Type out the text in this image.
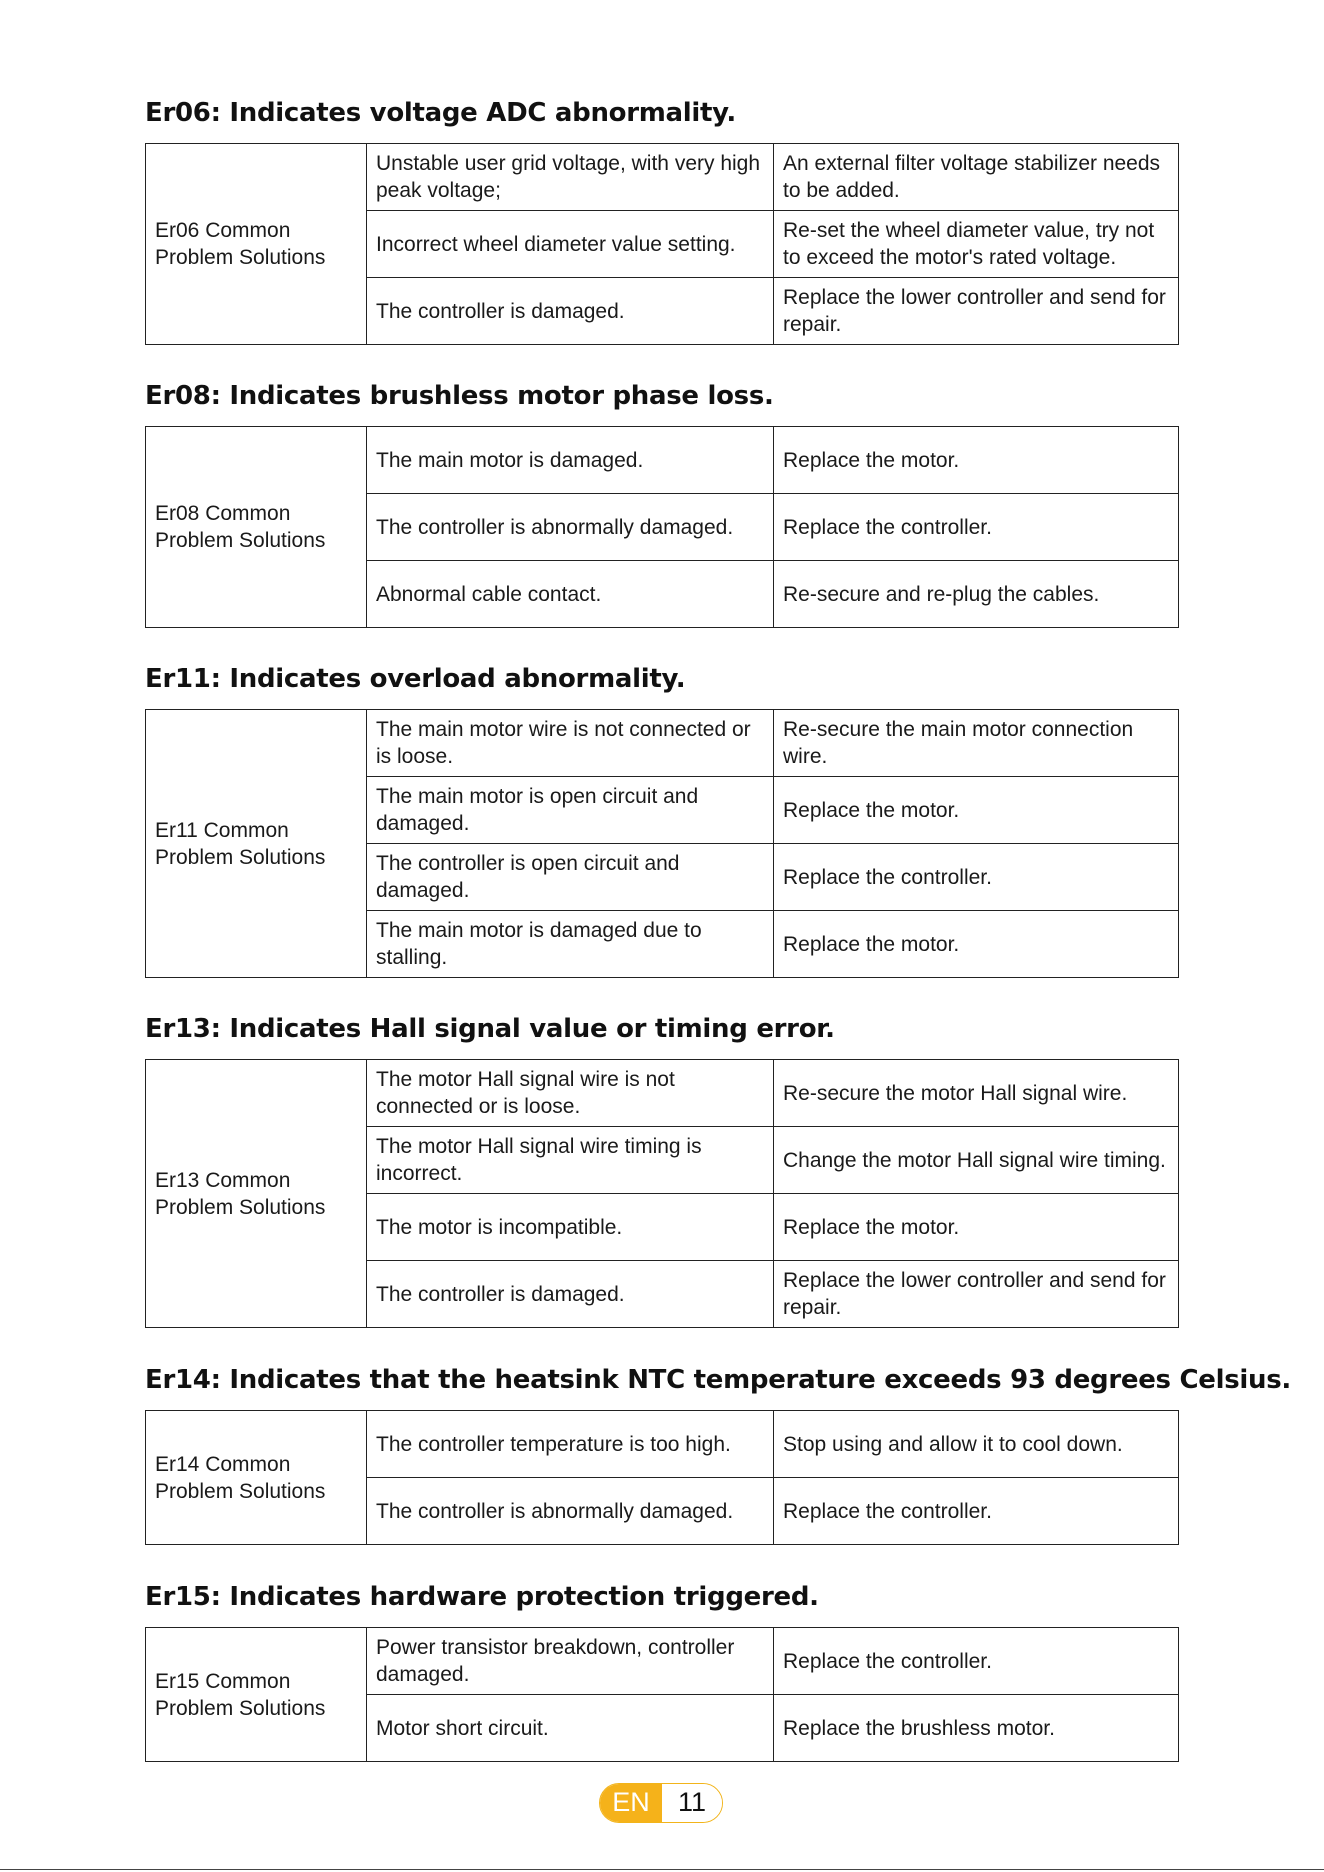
Er06: Indicates voltage ADC abnormality.
Er06 Common Problem Solutions	Unstable user grid voltage, with very high peak voltage;	An external filter voltage stabilizer needs to be added.
	Incorrect wheel diameter value setting.	Re-set the wheel diameter value, try not to exceed the motor's rated voltage.
	The controller is damaged.	Replace the lower controller and send for repair.
Er08: Indicates brushless motor phase loss.
Er08 Common Problem Solutions	The main motor is damaged.	Replace the motor.
	The controller is abnormally damaged.	Replace the controller.
	Abnormal cable contact.	Re-secure and re-plug the cables.
Er11: Indicates overload abnormality.
Er11 Common Problem Solutions	The main motor wire is not connected or is loose.	Re-secure the main motor connection wire.
	The main motor is open circuit and damaged.	Replace the motor.
	The controller is open circuit and damaged.	Replace the controller.
	The main motor is damaged due to stalling.	Replace the motor.
Er13: Indicates Hall signal value or timing error.
Er13 Common Problem Solutions	The motor Hall signal wire is not connected or is loose.	Re-secure the motor Hall signal wire.
	The motor Hall signal wire timing is incorrect.	Change the motor Hall signal wire timing.
	The motor is incompatible.	Replace the motor.
	The controller is damaged.	Replace the lower controller and send for repair.
Er14: Indicates that the heatsink NTC temperature exceeds 93 degrees Celsius.
Er14 Common Problem Solutions	The controller temperature is too high.	Stop using and allow it to cool down.
	The controller is abnormally damaged.	Replace the controller.
Er15: Indicates hardware protection triggered.
Er15 Common Problem Solutions	Power transistor breakdown, controller damaged.	Replace the controller.
	Motor short circuit.	Replace the brushless motor.
EN	11
